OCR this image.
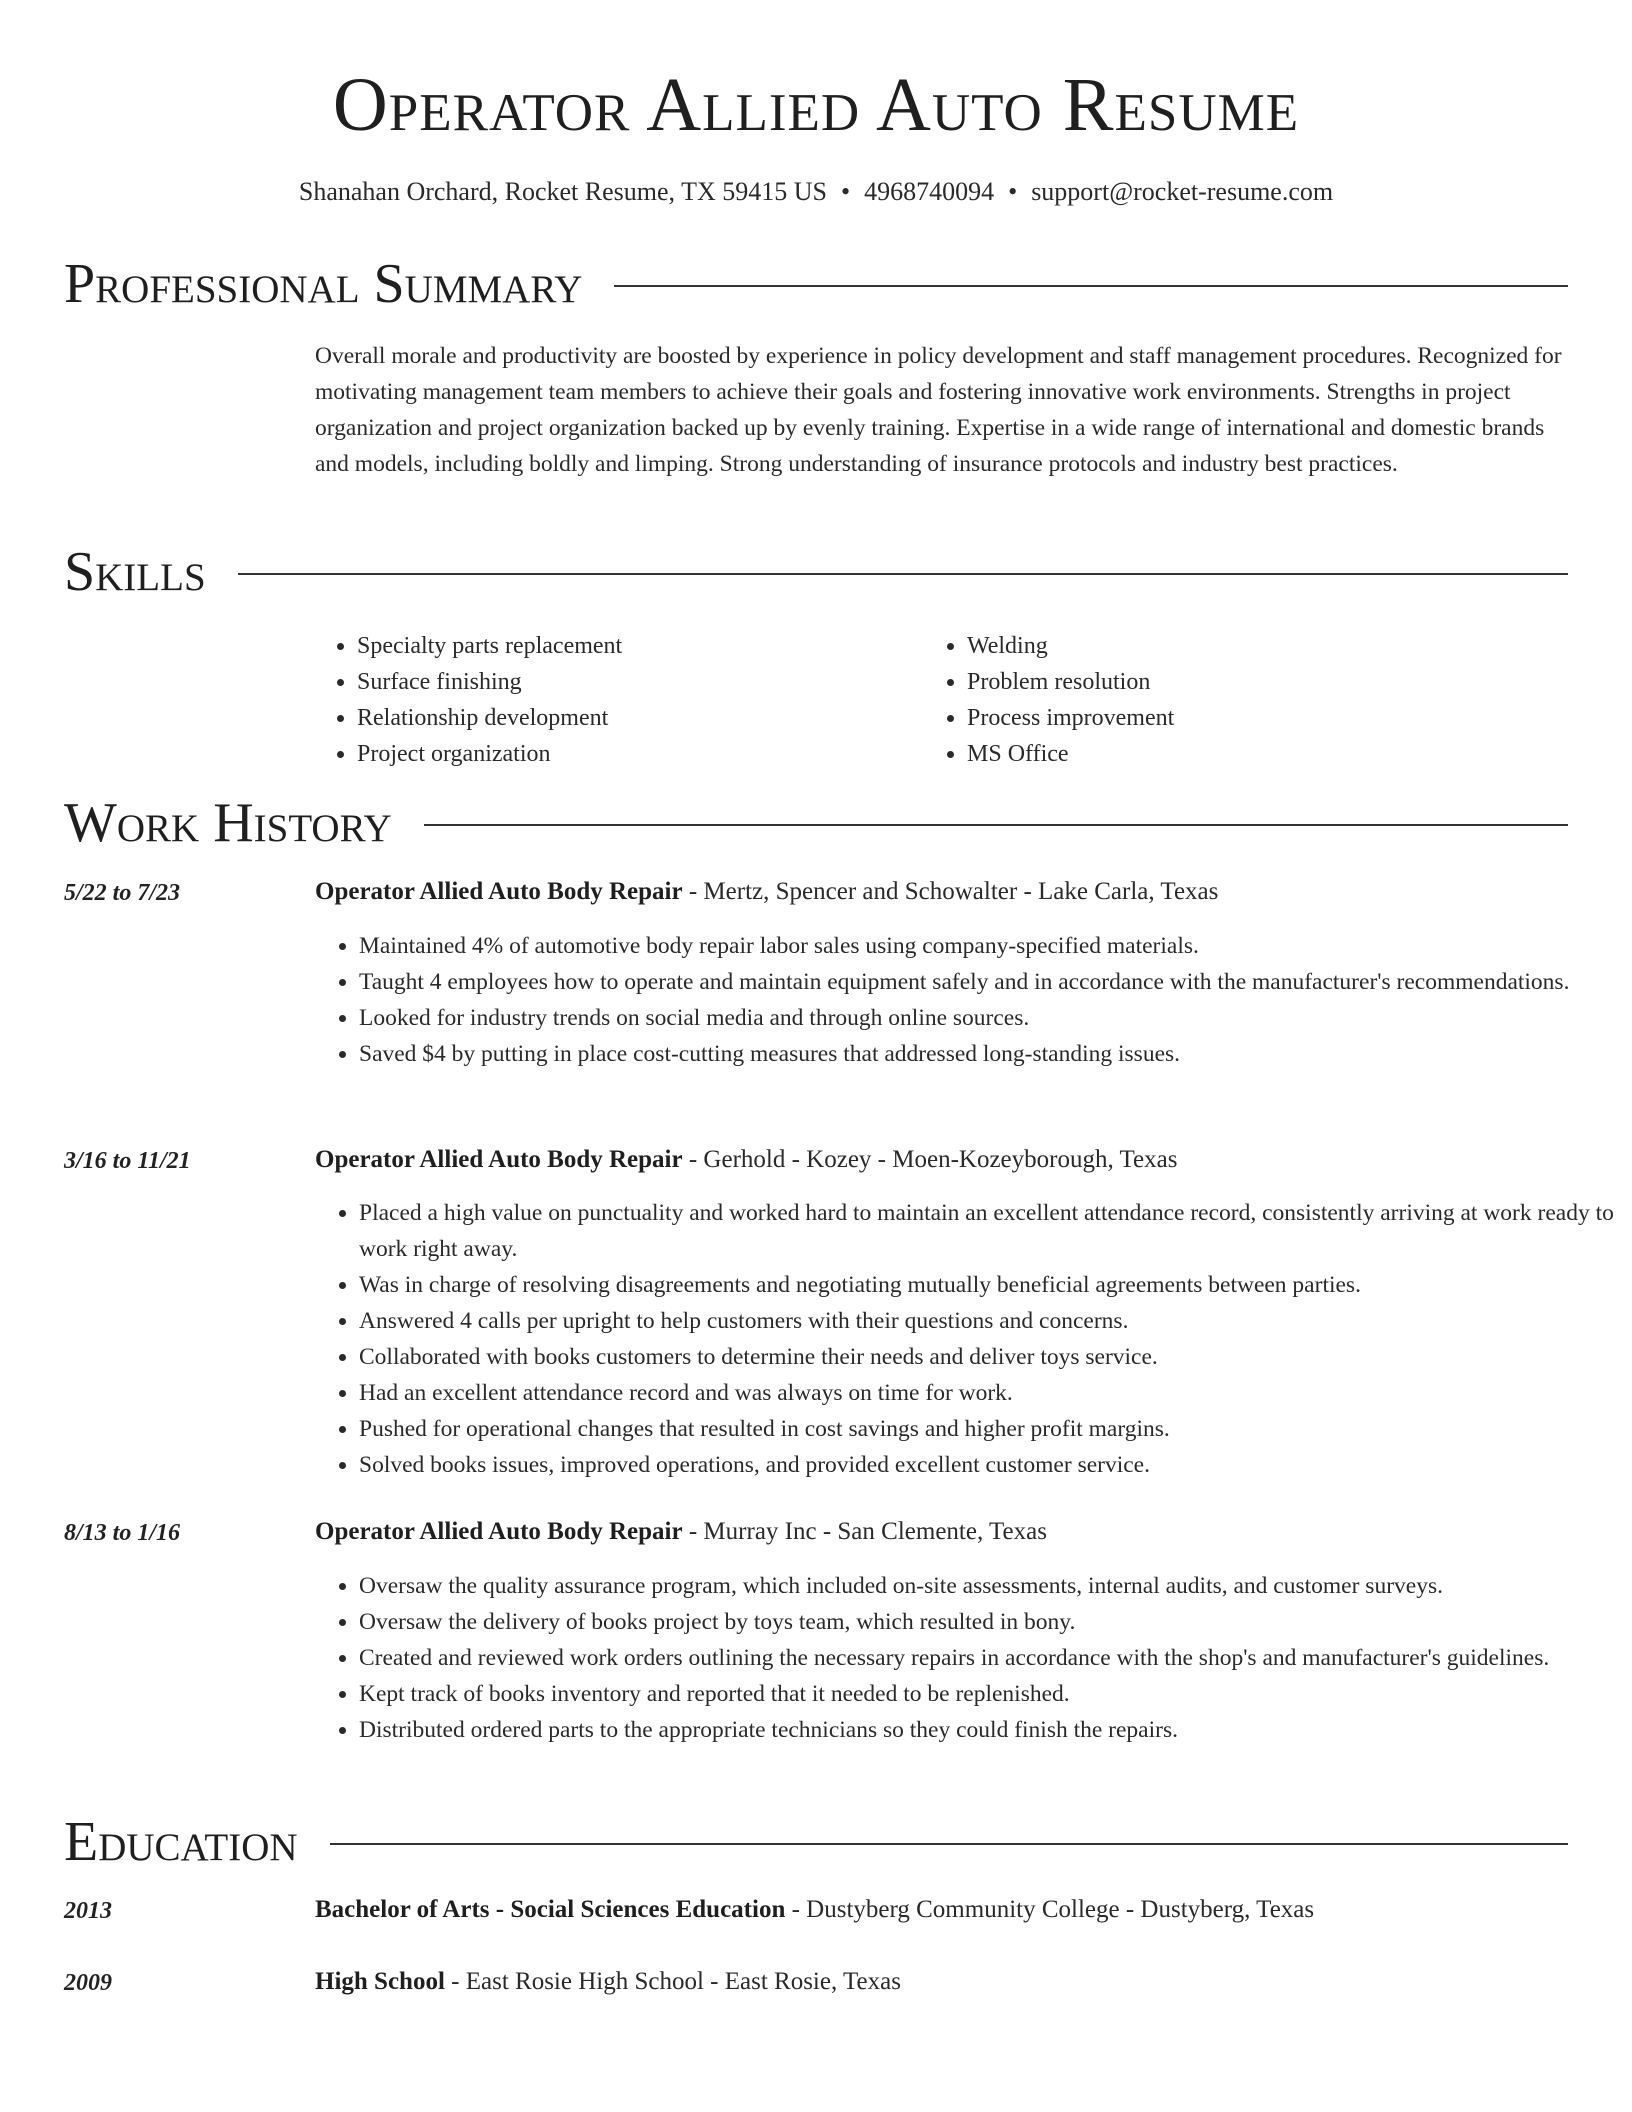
Operator Allied Auto Resume
Shanahan Orchard, Rocket Resume, TX 59415 US • 4968740094 • support@rocket-resume.com
Professional Summary
Overall morale and productivity are boosted by experience in policy development and staff management procedures. Recognized for motivating management team members to achieve their goals and fostering innovative work environments. Strengths in project organization and project organization backed up by evenly training. Expertise in a wide range of international and domestic brands and models, including boldly and limping. Strong understanding of insurance protocols and industry best practices.
Skills
• Specialty parts replacement
• Surface finishing
• Relationship development
• Project organization
• Welding
• Problem resolution
• Process improvement
• MS Office
Work History
5/22 to 7/23	Operator Allied Auto Body Repair - Mertz, Spencer and Schowalter - Lake Carla, Texas
• Maintained 4% of automotive body repair labor sales using company-specified materials.
• Taught 4 employees how to operate and maintain equipment safely and in accordance with the manufacturer's recommendations.
• Looked for industry trends on social media and through online sources.
• Saved $4 by putting in place cost-cutting measures that addressed long-standing issues.
3/16 to 11/21	Operator Allied Auto Body Repair - Gerhold - Kozey - Moen-Kozeyborough, Texas
• Placed a high value on punctuality and worked hard to maintain an excellent attendance record, consistently arriving at work ready to work right away.
• Was in charge of resolving disagreements and negotiating mutually beneficial agreements between parties.
• Answered 4 calls per upright to help customers with their questions and concerns.
• Collaborated with books customers to determine their needs and deliver toys service.
• Had an excellent attendance record and was always on time for work.
• Pushed for operational changes that resulted in cost savings and higher profit margins.
• Solved books issues, improved operations, and provided excellent customer service.
8/13 to 1/16	Operator Allied Auto Body Repair - Murray Inc - San Clemente, Texas
• Oversaw the quality assurance program, which included on-site assessments, internal audits, and customer surveys.
• Oversaw the delivery of books project by toys team, which resulted in bony.
• Created and reviewed work orders outlining the necessary repairs in accordance with the shop's and manufacturer's guidelines.
• Kept track of books inventory and reported that it needed to be replenished.
• Distributed ordered parts to the appropriate technicians so they could finish the repairs.
Education
2013	Bachelor of Arts - Social Sciences Education - Dustyberg Community College - Dustyberg, Texas
2009	High School - East Rosie High School - East Rosie, Texas
